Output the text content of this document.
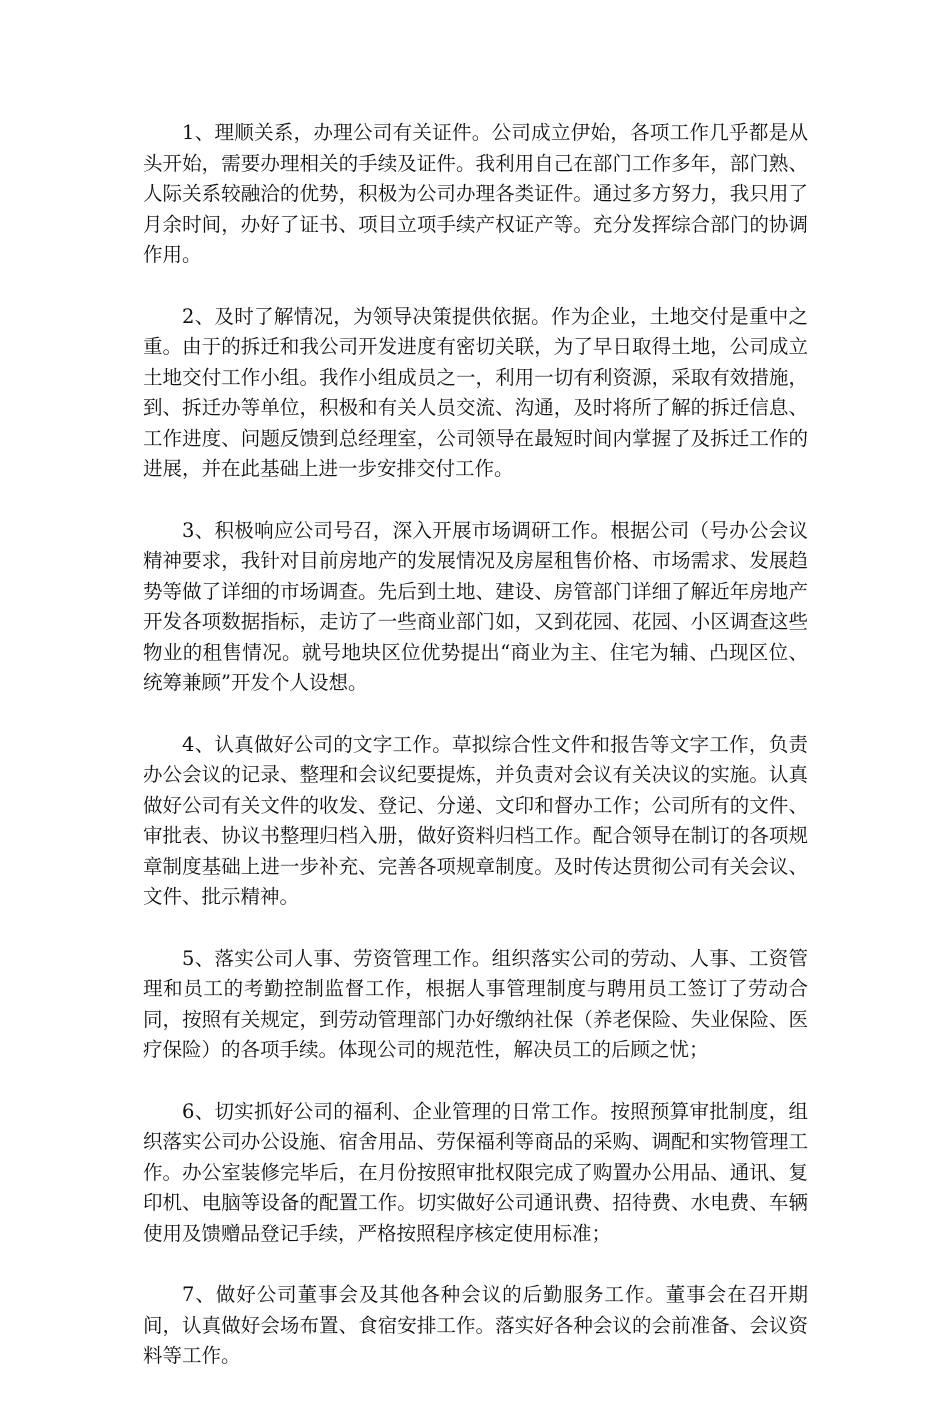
1、理顺关系，办理公司有关证件。公司成立伊始，各项工作几乎都是从头开始，需要办理相关的手续及证件。我利用自己在部门工作多年，部门熟、人际关系较融洽的优势，积极为公司办理各类证件。通过多方努力，我只用了月余时间，办好了证书、项目立项手续产权证产等。充分发挥综合部门的协调作用。

2、及时了解情况，为领导决策提供依据。作为企业，土地交付是重中之重。由于的拆迁和我公司开发进度有密切关联，为了早日取得土地，公司成立土地交付工作小组。我作小组成员之一，利用一切有利资源，采取有效措施，到、拆迁办等单位，积极和有关人员交流、沟通，及时将所了解的拆迁信息、工作进度、问题反馈到总经理室，公司领导在最短时间内掌握了及拆迁工作的进展，并在此基础上进一步安排交付工作。

3、积极响应公司号召，深入开展市场调研工作。根据公司（号办公会议精神要求，我针对目前房地产的发展情况及房屋租售价格、市场需求、发展趋势等做了详细的市场调查。先后到土地、建设、房管部门详细了解近年房地产开发各项数据指标，走访了一些商业部门如，又到花园、花园、小区调查这些物业的租售情况。就号地块区位优势提出“商业为主、住宅为辅、凸现区位、统筹兼顾”开发个人设想。

4、认真做好公司的文字工作。草拟综合性文件和报告等文字工作，负责办公会议的记录、整理和会议纪要提炼，并负责对会议有关决议的实施。认真做好公司有关文件的收发、登记、分递、文印和督办工作；公司所有的文件、审批表、协议书整理归档入册，做好资料归档工作。配合领导在制订的各项规章制度基础上进一步补充、完善各项规章制度。及时传达贯彻公司有关会议、文件、批示精神。

5、落实公司人事、劳资管理工作。组织落实公司的劳动、人事、工资管理和员工的考勤控制监督工作，根据人事管理制度与聘用员工签订了劳动合同，按照有关规定，到劳动管理部门办好缴纳社保（养老保险、失业保险、医疗保险）的各项手续。体现公司的规范性，解决员工的后顾之忧；

6、切实抓好公司的福利、企业管理的日常工作。按照预算审批制度，组织落实公司办公设施、宿舍用品、劳保福利等商品的采购、调配和实物管理工作。办公室装修完毕后，在月份按照审批权限完成了购置办公用品、通讯、复印机、电脑等设备的配置工作。切实做好公司通讯费、招待费、水电费、车辆使用及馈赠品登记手续，严格按照程序核定使用标准；

7、做好公司董事会及其他各种会议的后勤服务工作。董事会在召开期间，认真做好会场布置、食宿安排工作。落实好各种会议的会前准备、会议资料等工作。
